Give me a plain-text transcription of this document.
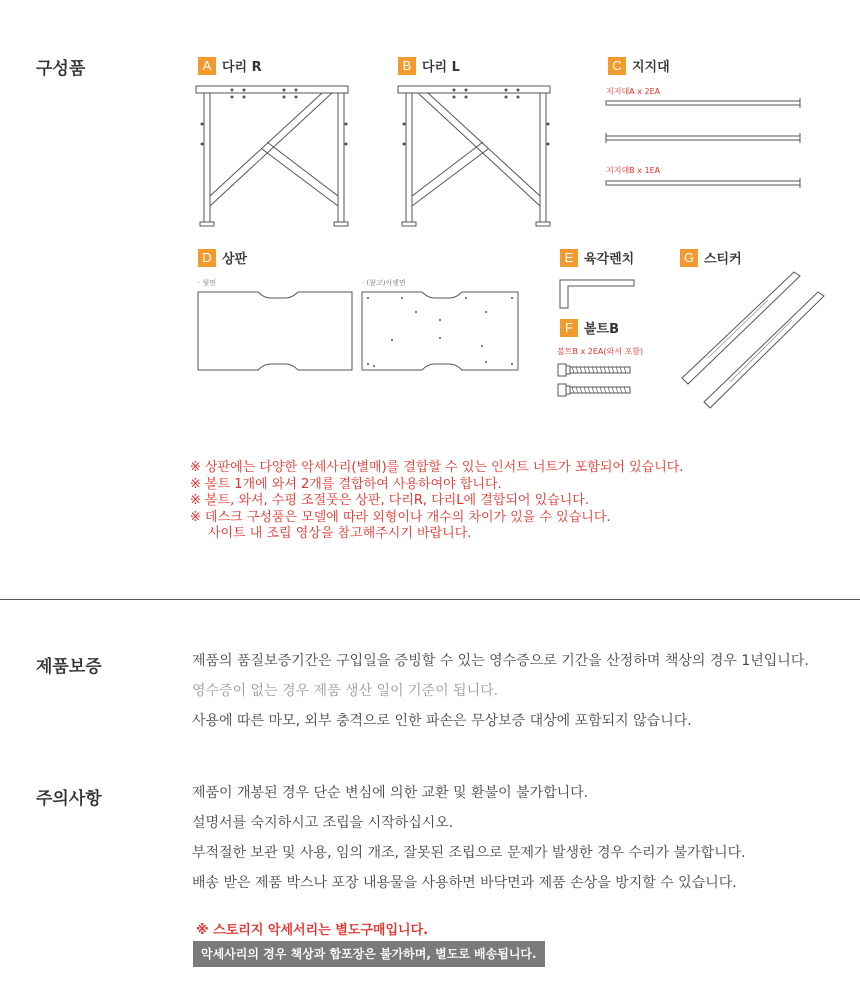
구성품	A 다리 R	B 다리 L	C 지지대
지지대A x 2EA
지지대B x 1EA
D 상판
· 윗면	· (참고)아랫면
E 육각렌치
F 볼트B
볼트B x 2EA(와셔 포함)
G 스티커
※ 상판에는 다양한 악세사리(별매)를 결합할 수 있는 인서트 너트가 포함되어 있습니다.
※ 볼트 1개에 와셔 2개를 결합하여 사용하여야 합니다.
※ 볼트, 와셔, 수평 조절풋은 상판, 다리R, 다리L에 결합되어 있습니다.
※ 데스크 구성품은 모델에 따라 외형이나 개수의 차이가 있을 수 있습니다.
사이트 내 조립 영상을 참고해주시기 바랍니다.
제품보증	제품의 품질보증기간은 구입일을 증빙할 수 있는 영수증으로 기간을 산정하며 책상의 경우 1년입니다.
영수증이 없는 경우 제품 생산 일이 기준이 됩니다.
사용에 따른 마모, 외부 충격으로 인한 파손은 무상보증 대상에 포함되지 않습니다.
주의사항	제품이 개봉된 경우 단순 변심에 의한 교환 및 환불이 불가합니다.
설명서를 숙지하시고 조립을 시작하십시오.
부적절한 보관 및 사용, 임의 개조, 잘못된 조립으로 문제가 발생한 경우 수리가 불가합니다.
배송 받은 제품 박스나 포장 내용물을 사용하면 바닥면과 제품 손상을 방지할 수 있습니다.
※ 스토리지 악세서리는 별도구매입니다.
악세사리의 경우 책상과 합포장은 불가하며, 별도로 배송됩니다.
